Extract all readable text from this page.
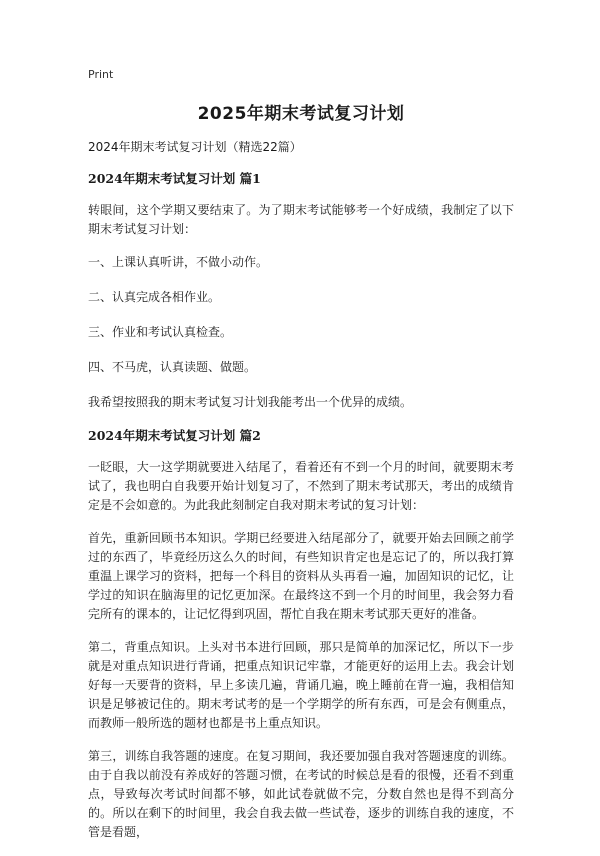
Print
2025年期末考试复习计划
2024年期末考试复习计划（精选22篇）
2024年期末考试复习计划 篇1

转眼间，这个学期又要结束了。为了期末考试能够考一个好成绩，我制定了以下期末考试复习计划：

一、上课认真听讲，不做小动作。

二、认真完成各相作业。

三、作业和考试认真检查。

四、不马虎，认真读题、做题。

我希望按照我的期末考试复习计划我能考出一个优异的成绩。

2024年期末考试复习计划 篇2

一眨眼，大一这学期就要进入结尾了，看着还有不到一个月的时间，就要期末考试了，我也明白自我要开始计划复习了，不然到了期末考试那天，考出的成绩肯定是不会如意的。为此我此刻制定自我对期末考试的复习计划：

首先，重新回顾书本知识。学期已经要进入结尾部分了，就要开始去回顾之前学过的东西了，毕竟经历这么久的时间，有些知识肯定也是忘记了的，所以我打算重温上课学习的资料，把每一个科目的资料从头再看一遍，加固知识的记忆，让学过的知识在脑海里的记忆更加深。在最终这不到一个月的时间里，我会努力看完所有的课本的，让记忆得到巩固，帮忙自我在期末考试那天更好的准备。

第二，背重点知识。上头对书本进行回顾，那只是简单的加深记忆，所以下一步就是对重点知识进行背诵，把重点知识记牢靠，才能更好的运用上去。我会计划好每一天要背的资料，早上多读几遍，背诵几遍，晚上睡前在背一遍，我相信知识是足够被记住的。期末考试考的是一个学期学的所有东西，可是会有侧重点，而教师一般所选的题材也都是书上重点知识。

第三，训练自我答题的速度。在复习期间，我还要加强自我对答题速度的训练。由于自我以前没有养成好的答题习惯，在考试的时候总是看的很慢，还看不到重点，导致每次考试时间都不够，如此试卷就做不完，分数自然也是得不到高分的。所以在剩下的时间里，我会自我去做一些试卷，逐步的训练自我的速度，不管是看题，
